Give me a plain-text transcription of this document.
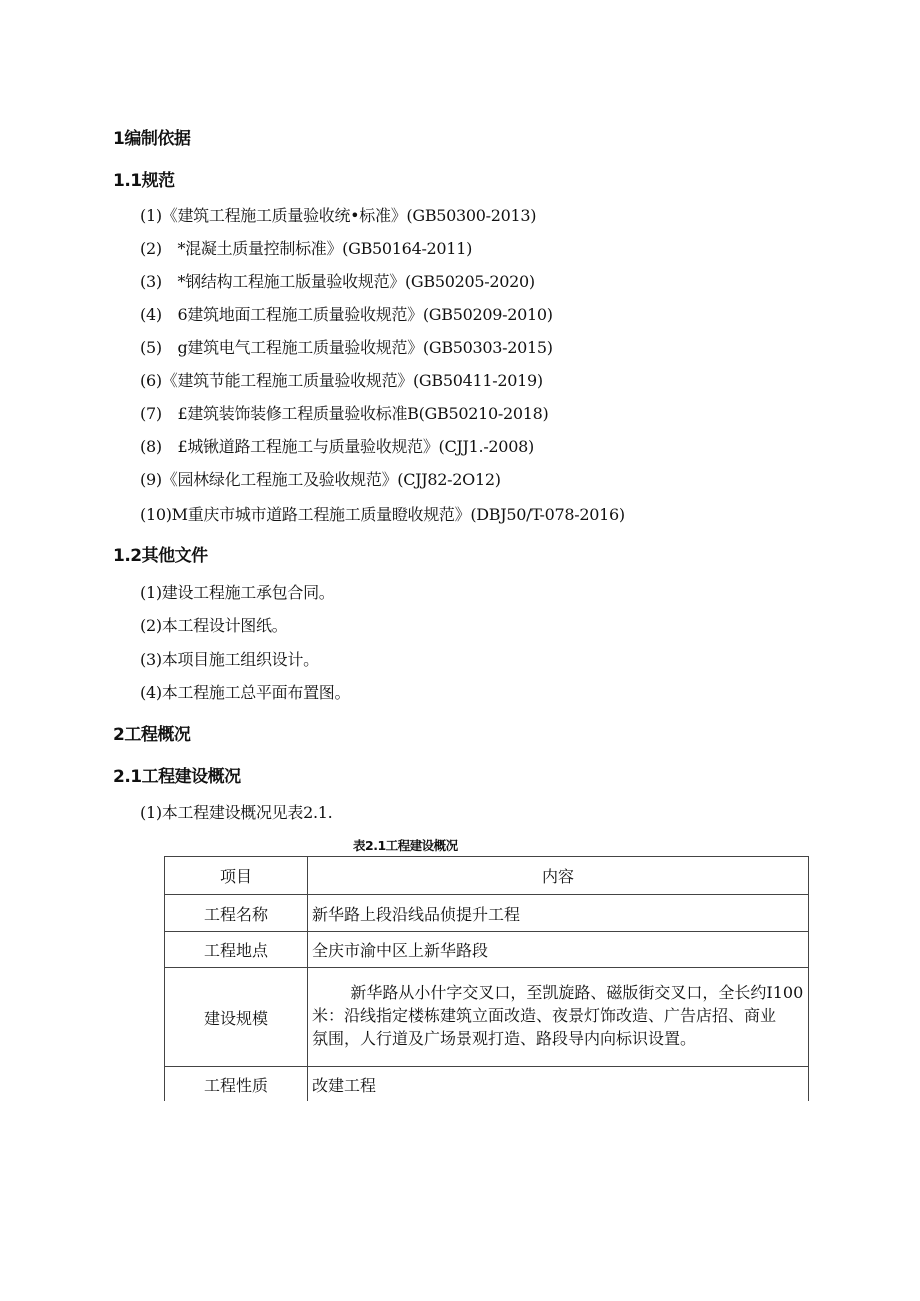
1编制依据
1.1规范
(1)《建筑工程施工质量验收统•标准》(GB50300-2013)
(2)　*混凝土质量控制标准》(GB50164-2011)
(3)　*钢结构工程施工版量验收规范》(GB50205-2020)
(4)　6建筑地面工程施工质量验收规范》(GB50209-2010)
(5)　g建筑电气工程施工质量验收规范》(GB50303-2015)
(6)《建筑节能工程施工质量验收规范》(GB50411-2019)
(7)　£建筑装饰装修工程质量验收标准B(GB50210-2018)
(8)　£城锹道路工程施工与质量验收规范》(CJJ1.-2008)
(9)《园林绿化工程施工及验收规范》(CJJ82-2O12)
(10)M重庆市城市道路工程施工质量瞪收规范》(DBJ50/T-078-2016)
1.2其他文件
(1)建设工程施工承包合同。
(2)本工程设计图纸。
(3)本项目施工组织设计。
(4)本工程施工总平面布置图。
2工程概况
2.1工程建设概况
(1)本工程建设概况见表2.1.
表2.1工程建设概况
项目	内容
工程名称	新华路上段沿线品侦提升工程
工程地点	全庆市渝中区上新华路段
建设规模	新华路从小什字交叉口，至凯旋路、磁版街交叉口，全长约I100
米：沿线指定楼栋建筑立面改造、夜景灯饰改造、广告店招、商业
氛围，人行道及广场景观打造、路段导内向标识设置。

工程性质	改建工程
